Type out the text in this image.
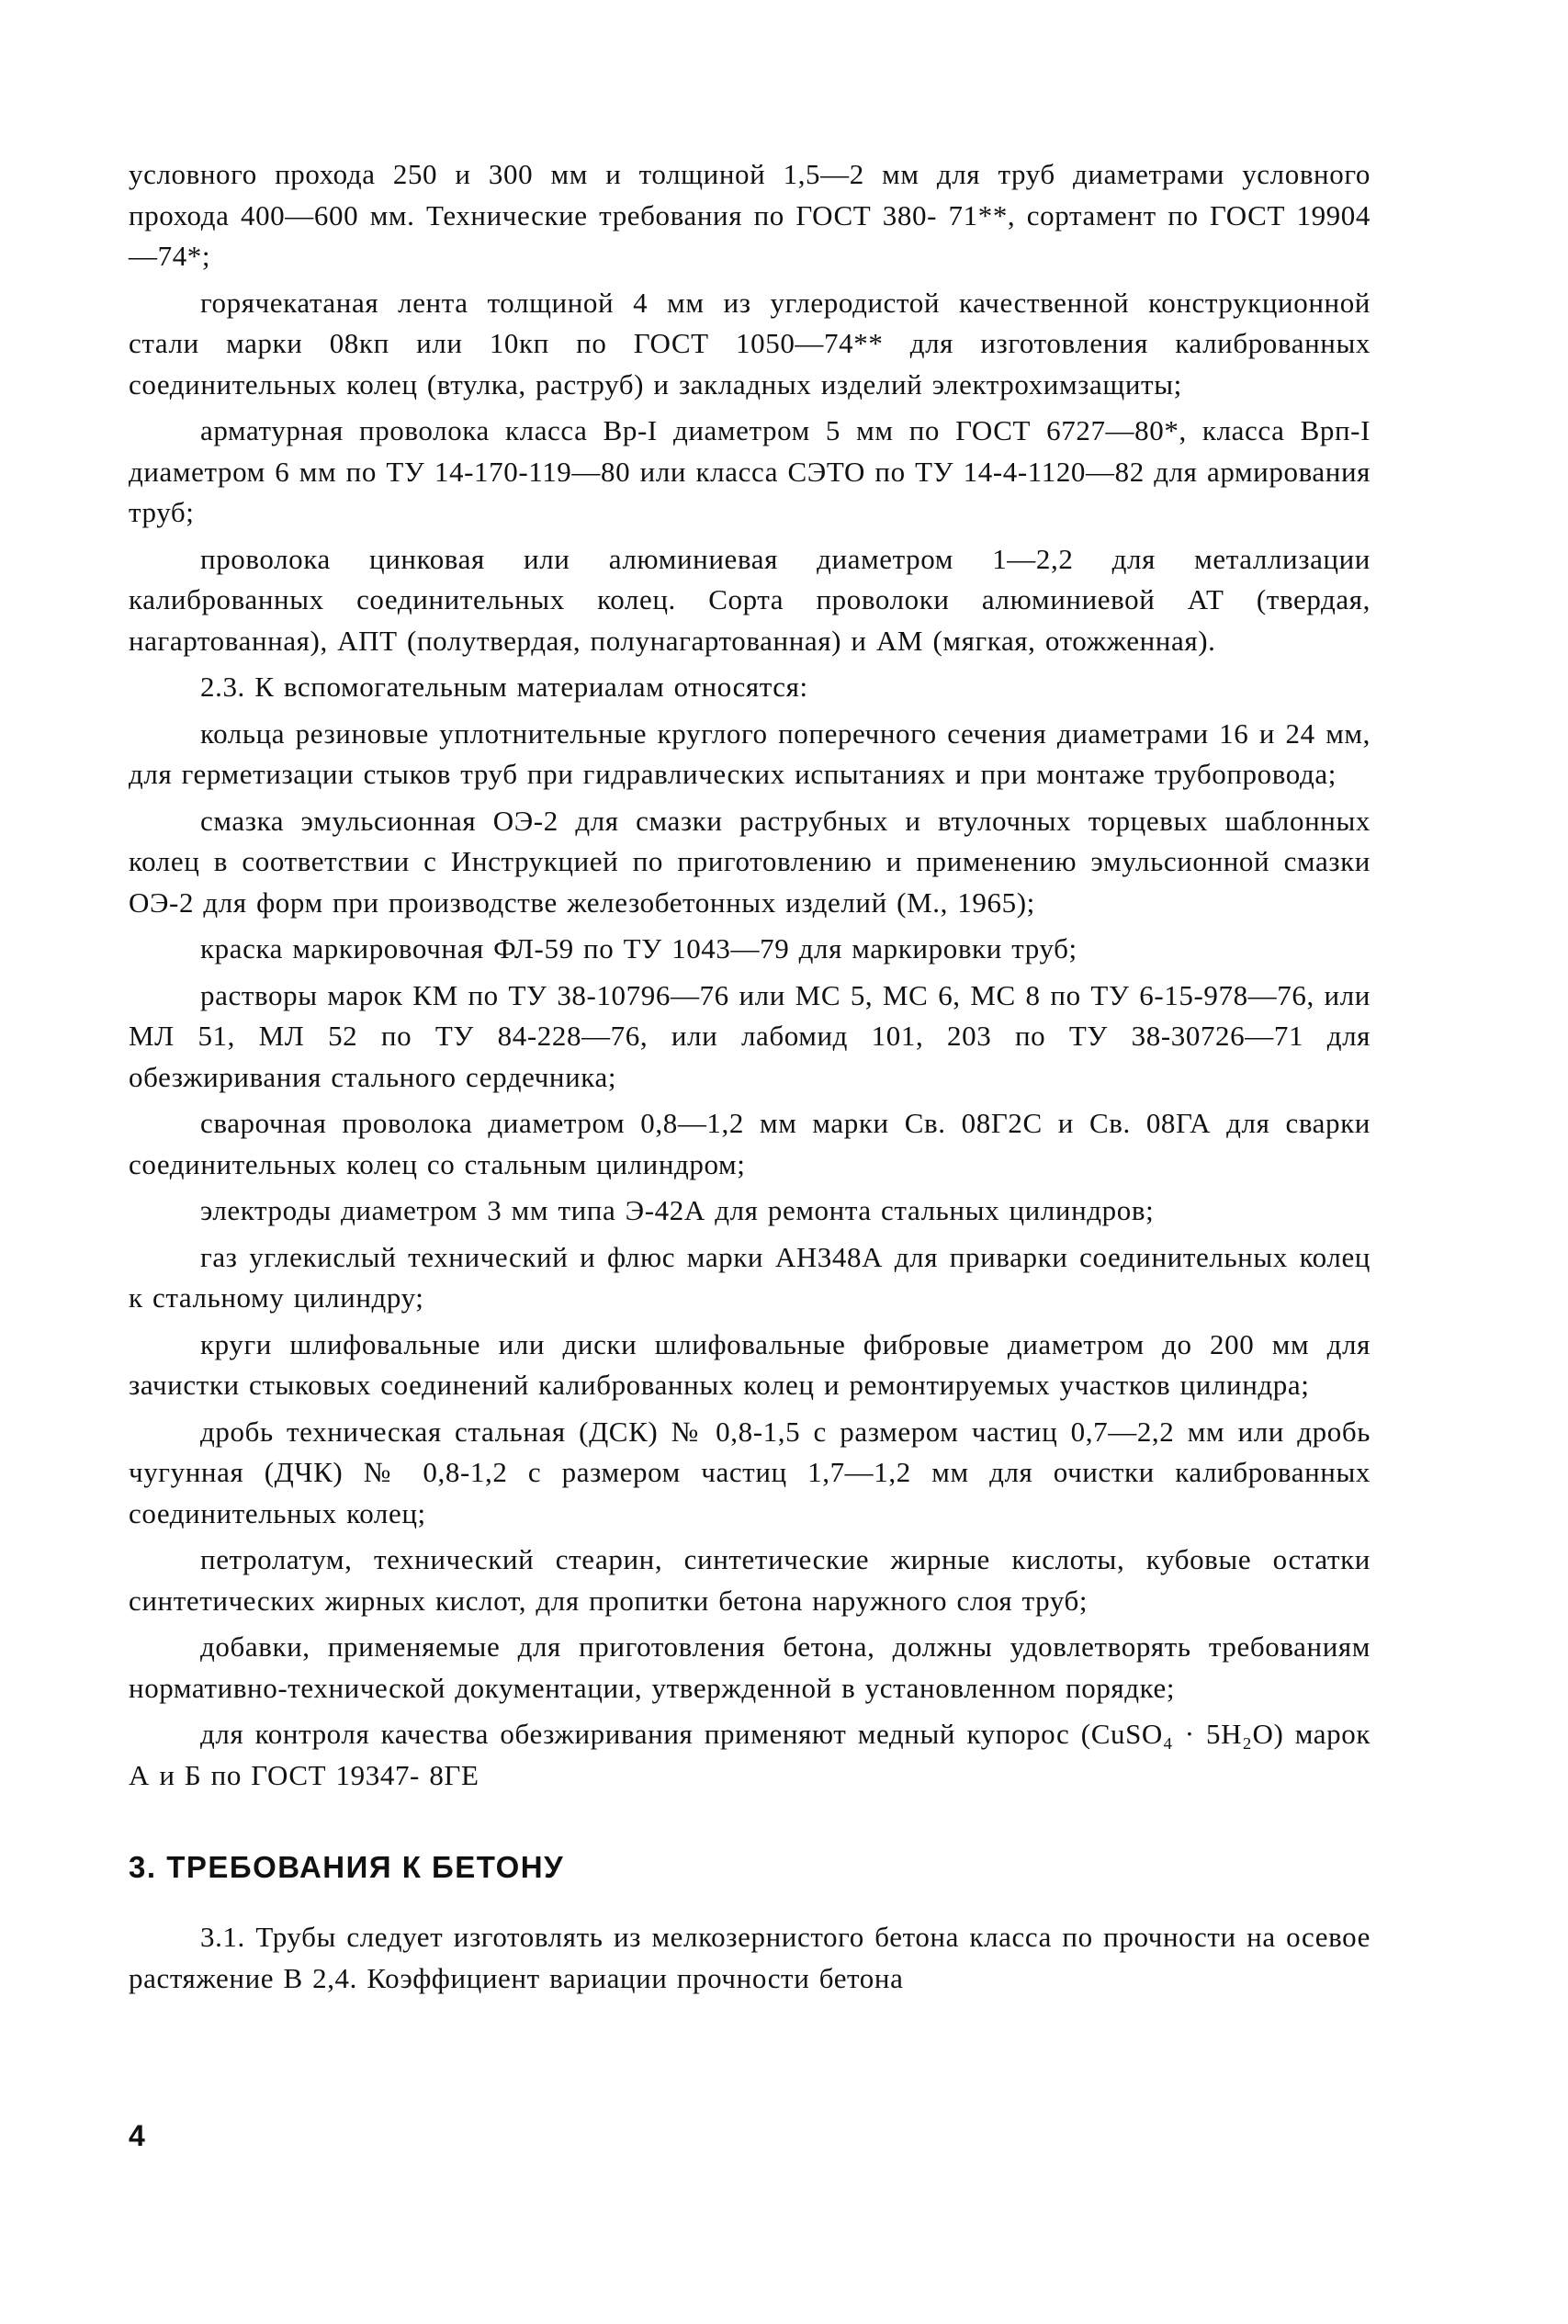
условного прохода 250 и 300 мм и толщиной 1,5—2 мм для труб диаметрами условного прохода 400—600 мм. Технические требования по ГОСТ 380‑ 71**, сортамент по ГОСТ 19904—74*;

горячекатаная лента толщиной 4 мм из углеродистой качественной конструкционной стали марки 08кп или 10кп по ГОСТ 1050—74** для изготовления калиброванных соединительных колец (втулка, раструб) и закладных изделий электрохимзащиты;

арматурная проволока класса Вр‑I диаметром 5 мм по ГОСТ 6727—80*, класса Врп‑I диаметром 6 мм по ТУ 14‑170‑119—80 или класса СЭТО по ТУ 14‑4‑1120—82 для армирования труб;

проволока цинковая или алюминиевая диаметром 1—2,2 для металлизации калиброванных соединительных колец. Сорта проволоки алюминиевой АТ (твердая, нагартованная), АПТ (полутвердая, полунагартованная) и АМ (мягкая, отожженная).

2.3. К вспомогательным материалам относятся:

кольца резиновые уплотнительные круглого поперечного сечения диаметрами 16 и 24 мм, для герметизации стыков труб при гидравлических испытаниях и при монтаже трубопровода;

смазка эмульсионная ОЭ‑2 для смазки раструбных и втулочных торцевых шаблонных колец в соответствии с Инструкцией по приготовлению и применению эмульсионной смазки ОЭ‑2 для форм при производстве железобетонных изделий (М., 1965);

краска маркировочная ФЛ‑59 по ТУ 1043—79 для маркировки труб;

растворы марок КМ по ТУ 38‑10796—76 или МС 5, МС 6, МС 8 по ТУ 6‑15‑978—76, или МЛ 51, МЛ 52 по ТУ 84‑228—76, или лабомид 101, 203 по ТУ 38‑30726—71 для обезжиривания стального сердечника;

сварочная проволока диаметром 0,8—1,2 мм марки Св. 08Г2С и Св. 08ГА для сварки соединительных колец со стальным цилиндром;

электроды диаметром 3 мм типа Э‑42А для ремонта стальных цилиндров;

газ углекислый технический и флюс марки АН348А для приварки соединительных колец к стальному цилиндру;

круги шлифовальные или диски шлифовальные фибровые диаметром до 200 мм для зачистки стыковых соединений калиброванных колец и ремонтируемых участков цилиндра;

дробь техническая стальная (ДСК) № 0,8‑1,5 с размером частиц 0,7—2,2 мм или дробь чугунная (ДЧК) № 0,8‑1,2 с размером частиц 1,7—1,2 мм для очистки калиброванных соединительных колец;

петролатум, технический стеарин, синтетические жирные кислоты, кубовые остатки синтетических жирных кислот, для пропитки бетона наружного слоя труб;

добавки, применяемые для приготовления бетона, должны удовлетворять требованиям нормативно‑технической документации, утвержденной в установленном порядке;

для контроля качества обезжиривания применяют медный купорос (CuSO₄ · 5H₂O) марок А и Б по ГОСТ 19347‑ 8ГЕ

3. ТРЕБОВАНИЯ К БЕТОНУ

3.1. Трубы следует изготовлять из мелкозернистого бетона класса по прочности на осевое растяжение В 2,4. Коэффициент вариации прочности бетона

4
